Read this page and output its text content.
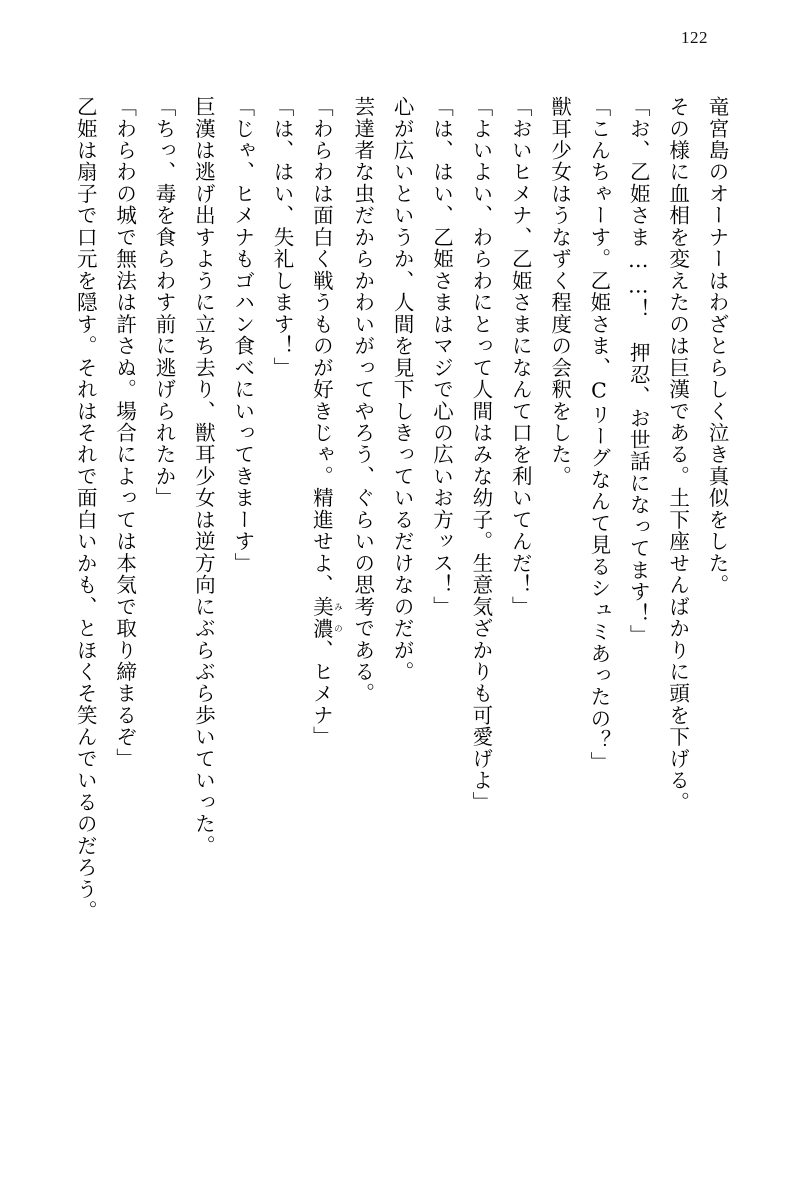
122

竜宮島のオーナーはわざとらしく泣き真似をした。

その様に血相を変えたのは巨漢である。土下座せんばかりに頭を下げる。

「お、乙姫さま……！　押忍、お世話になってます！」

「こんちゃーす。乙姫さま、Cリーグなんて見るシュミあったの？」

獣耳少女はうなずく程度の会釈をした。

「おいヒメナ、乙姫さまになんて口を利いてんだ！」

「よいよい、わらわにとって人間はみな幼子。生意気ざかりも可愛げよ」

「は、はい、乙姫さまはマジで心の広いお方ッス！」

心が広いというか、人間を見下しきっているだけなのだが。

芸達者な虫だからかわいがってやろう、ぐらいの思考である。

「わらわは面白く戦うものが好きじゃ。精進せよ、美濃 みの、ヒメナ」

「は、はい、失礼します！」

「じゃ、ヒメナもゴハン食べにいってきまーす」

巨漢は逃げ出すように立ち去り、獣耳少女は逆方向にぶらぶら歩いていった。

「ちっ、毒を食らわす前に逃げられたか」

「わらわの城で無法は許さぬ。場合によっては本気で取り締まるぞ」

乙姫は扇子で口元を隠す。それはそれで面白いかも、とほくそ笑んでいるのだろう。
